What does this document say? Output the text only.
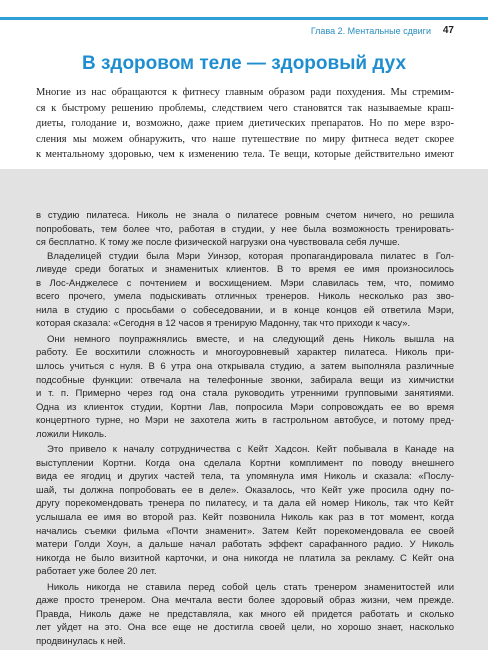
Глава 2. Ментальные сдвиги 47
В здоровом теле — здоровый дух
Многие из нас обращаются к фитнесу главным образом ради похудения. Мы стремим-
ся к быстрому решению проблемы, следствием чего становятся так называемые краш-
диеты, голодание и, возможно, даже прием диетических препаратов. Но по мере взро-
сления мы можем обнаружить, что наше путешествие по миру фитнеса ведет скорее
к ментальному здоровью, чем к изменению тела. Те вещи, которые действительно имеют
в студию пилатеса. Николь не знала о пилатесе ровным счетом ничего, но решила
попробовать, тем более что, работая в студии, у нее была возможность тренировать-
ся бесплатно. К тому же после физической нагрузки она чувствовала себя лучше.
Владелицей студии была Мэри Уинзор, которая пропагандировала пилатес в Гол-
ливуде среди богатых и знаменитых клиентов. В то время ее имя произносилось
в Лос-Анджелесе с почтением и восхищением. Мэри славилась тем, что, помимо
всего прочего, умела подыскивать отличных тренеров. Николь несколько раз зво-
нила в студию с просьбами о собеседовании, и в конце концов ей ответила Мэри,
которая сказала: «Сегодня в 12 часов я тренирую Мадонну, так что приходи к часу».
Они немного поупражнялись вместе, и на следующий день Николь вышла на
работу. Ее восхитили сложность и многоуровневый характер пилатеса. Николь при-
шлось учиться с нуля. В 6 утра она открывала студию, а затем выполняла различные
подсобные функции: отвечала на телефонные звонки, забирала вещи из химчистки
и т. п. Примерно через год она стала руководить утренними групповыми занятиями.
Одна из клиенток студии, Кортни Лав, попросила Мэри сопровождать ее во время
концертного турне, но Мэри не захотела жить в гастрольном автобусе, и потому пред-
ложили Николь.
Это привело к началу сотрудничества с Кейт Хадсон. Кейт побывала в Канаде на
выступлении Кортни. Когда она сделала Кортни комплимент по поводу внешнего
вида ее ягодиц и других частей тела, та упомянула имя Николь и сказала: «Послу-
шай, ты должна попробовать ее в деле». Оказалось, что Кейт уже просила одну по-
другу порекомендовать тренера по пилатесу, и та дала ей номер Николь, так что Кейт
услышала ее имя во второй раз. Кейт позвонила Николь как раз в тот момент, когда
начались съемки фильма «Почти знаменит». Затем Кейт порекомендовала ее своей
матери Голди Хоун, а дальше начал работать эффект сарафанного радио. У Николь
никогда не было визитной карточки, и она никогда не платила за рекламу. С Кейт она
работает уже более 20 лет.
Николь никогда не ставила перед собой цель стать тренером знаменитостей или
даже просто тренером. Она мечтала вести более здоровый образ жизни, чем прежде.
Правда, Николь даже не представляла, как много ей придется работать и сколько
лет уйдет на это. Она все еще не достигла своей цели, но хорошо знает, насколько
продвинулась к ней.
